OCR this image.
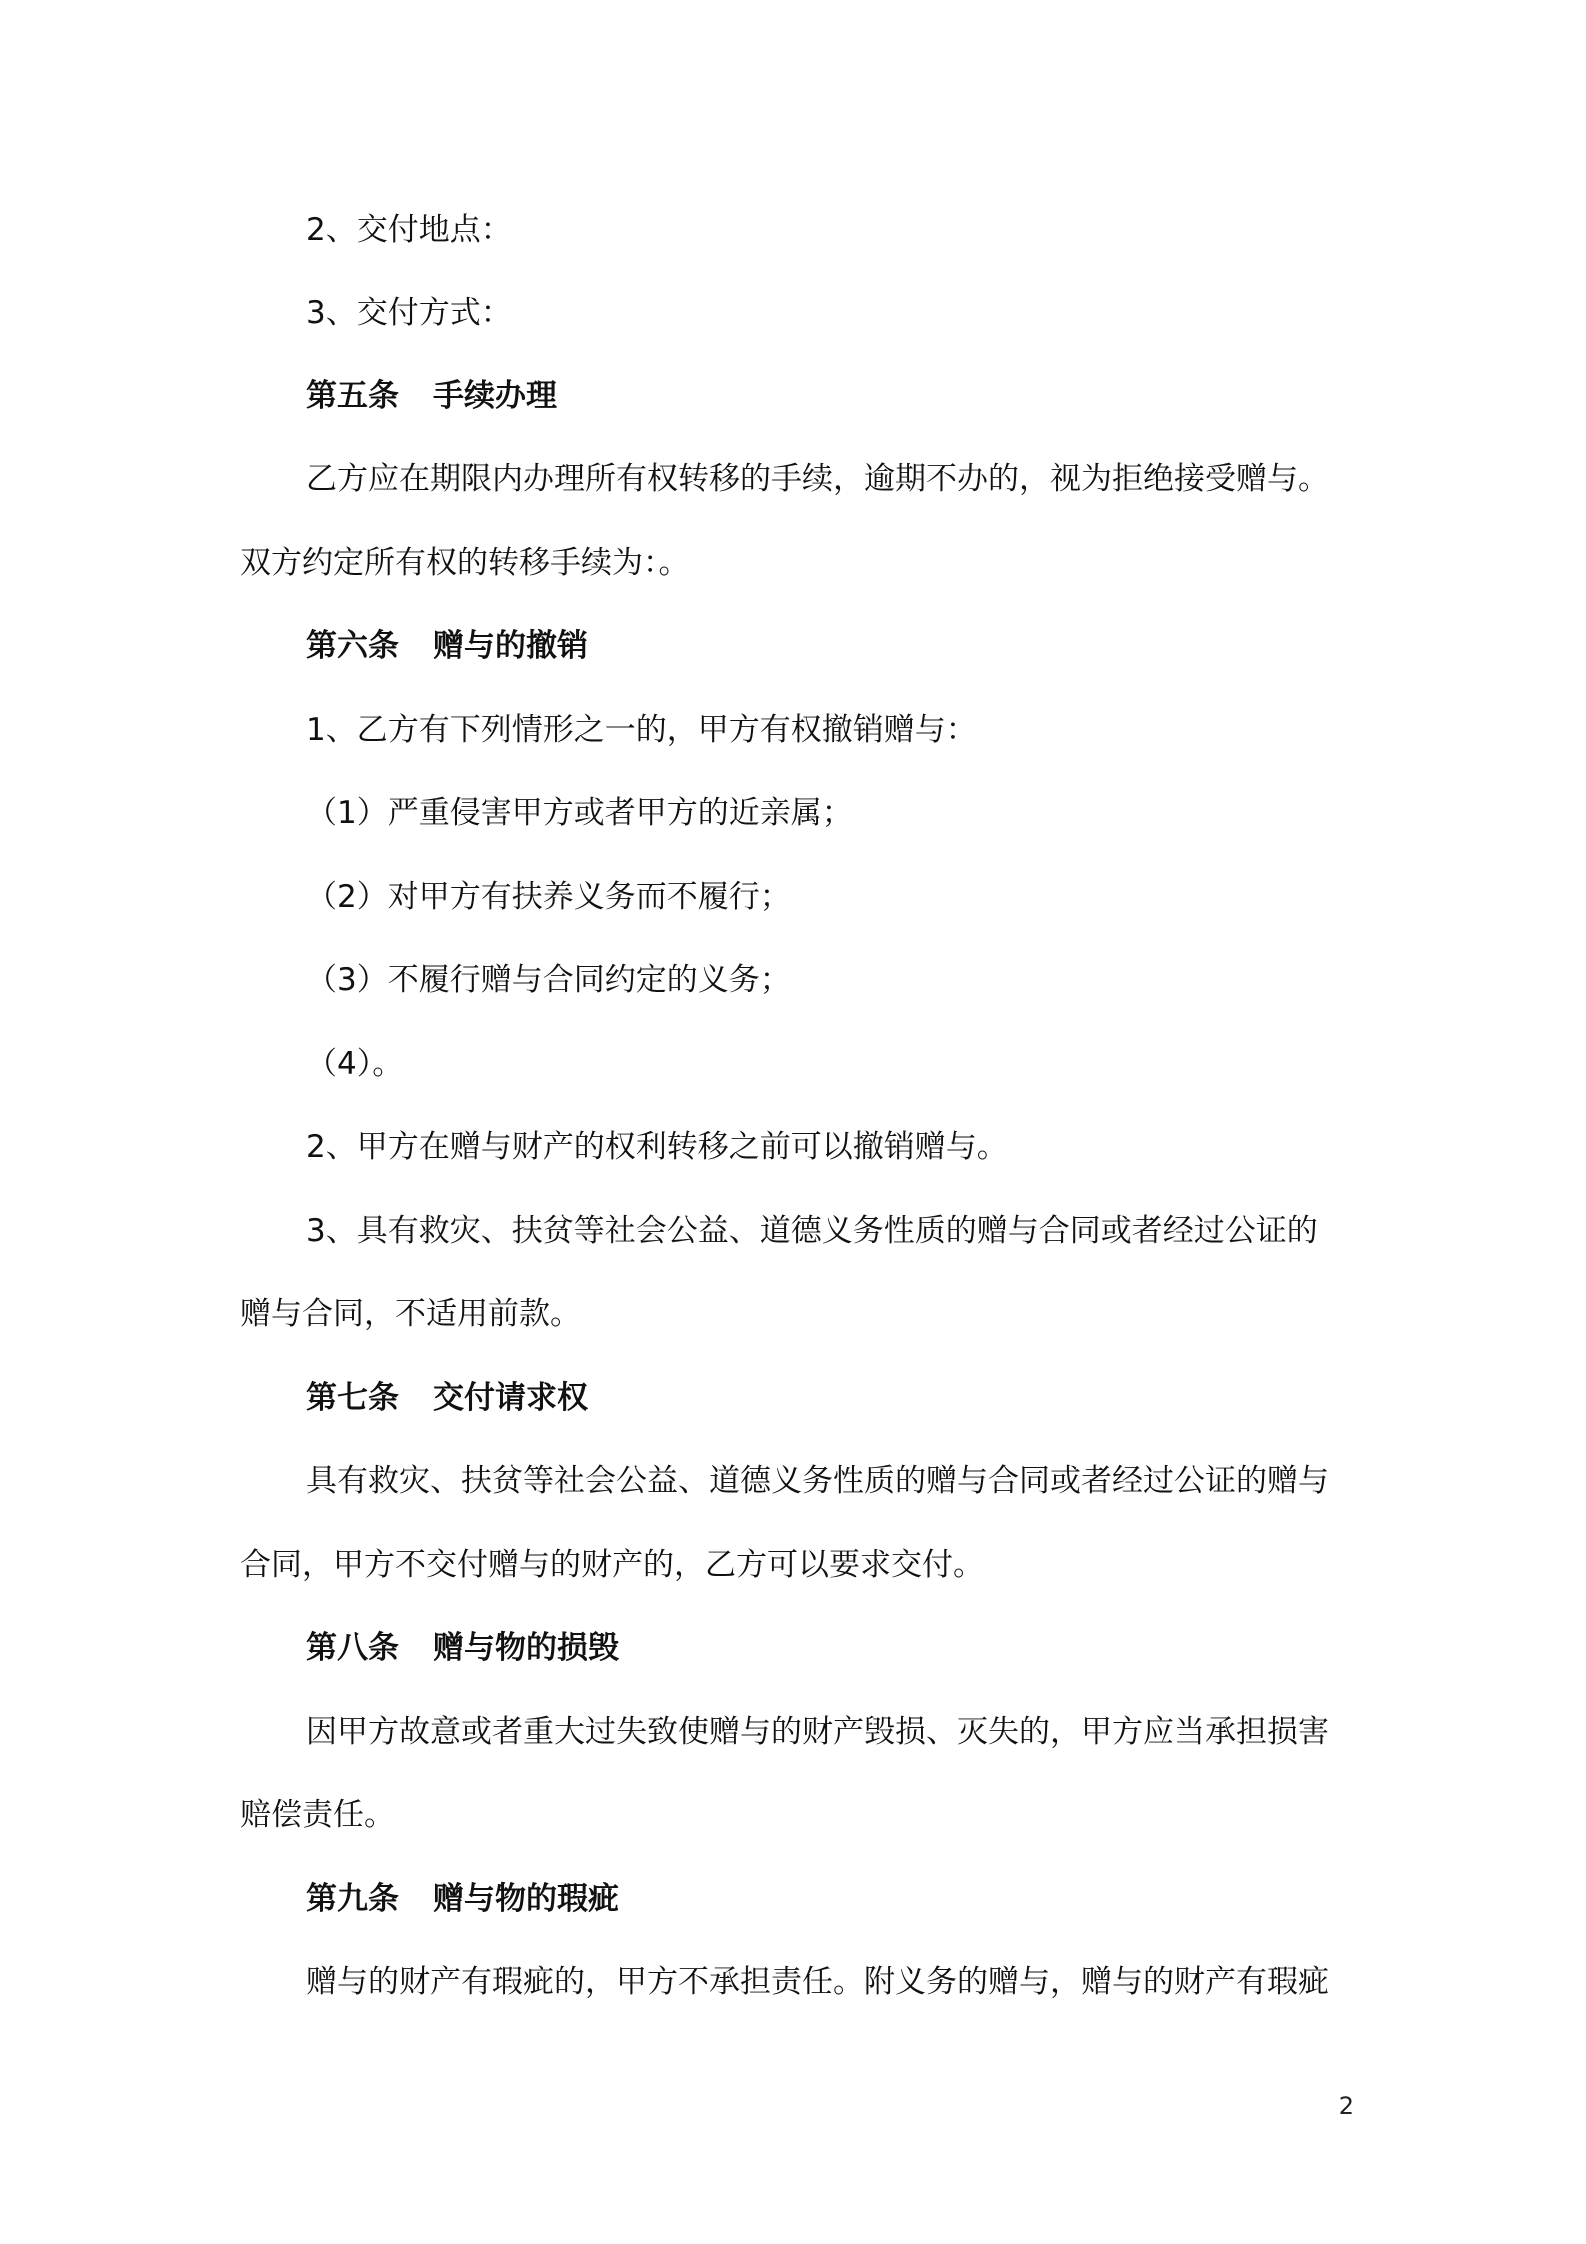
2、交付地点：
3、交付方式：
第五条 手续办理
乙方应在期限内办理所有权转移的手续，逾期不办的，视为拒绝接受赠与。
双方约定所有权的转移手续为：。
第六条 赠与的撤销
1、乙方有下列情形之一的，甲方有权撤销赠与：
（1）严重侵害甲方或者甲方的近亲属；
（2）对甲方有扶养义务而不履行；
（3）不履行赠与合同约定的义务；
（4）。
2、甲方在赠与财产的权利转移之前可以撤销赠与。
3、具有救灾、扶贫等社会公益、道德义务性质的赠与合同或者经过公证的
赠与合同，不适用前款。
第七条 交付请求权
具有救灾、扶贫等社会公益、道德义务性质的赠与合同或者经过公证的赠与
合同，甲方不交付赠与的财产的，乙方可以要求交付。
第八条 赠与物的损毁
因甲方故意或者重大过失致使赠与的财产毁损、灭失的，甲方应当承担损害
赔偿责任。
第九条 赠与物的瑕疵
赠与的财产有瑕疵的，甲方不承担责任。附义务的赠与，赠与的财产有瑕疵
2
